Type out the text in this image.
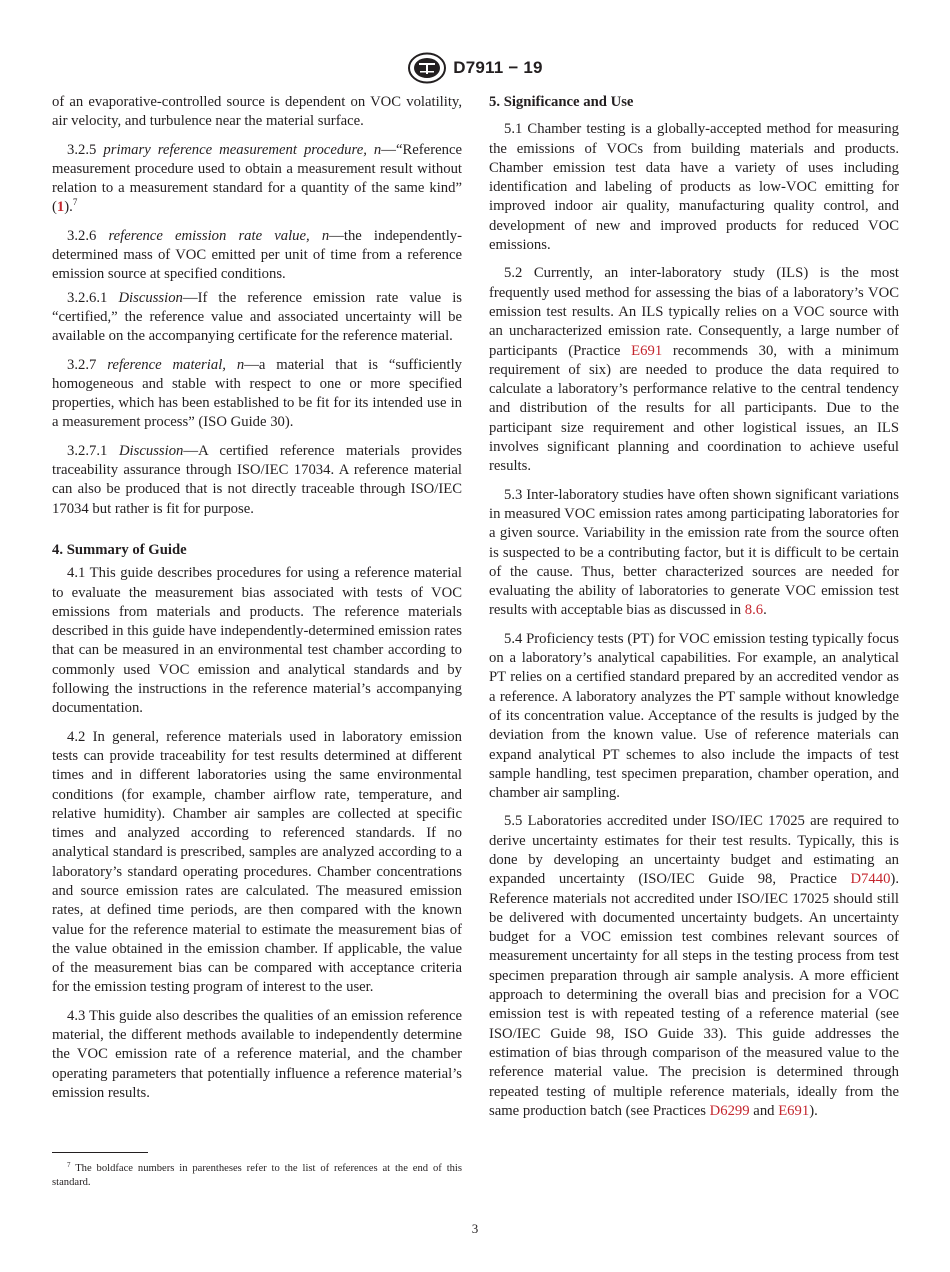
D7911 − 19

of an evaporative-controlled source is dependent on VOC volatility, air velocity, and turbulence near the material surface.

3.2.5 primary reference measurement procedure, n—“Reference measurement procedure used to obtain a measurement result without relation to a measurement standard for a quantity of the same kind” (1).$^7$

3.2.6 reference emission rate value, n—the independently-determined mass of VOC emitted per unit of time from a reference emission source at specified conditions.

3.2.6.1 Discussion—If the reference emission rate value is “certified,” the reference value and associated uncertainty will be available on the accompanying certificate for the reference material.

3.2.7 reference material, n—a material that is “sufficiently homogeneous and stable with respect to one or more specified properties, which has been established to be fit for its intended use in a measurement process” (ISO Guide 30).

3.2.7.1 Discussion—A certified reference materials provides traceability assurance through ISO/IEC 17034. A reference material can also be produced that is not directly traceable through ISO/IEC 17034 but rather is fit for purpose.

4. Summary of Guide

4.1 This guide describes procedures for using a reference material to evaluate the measurement bias associated with tests of VOC emissions from materials and products. The reference materials described in this guide have independently-determined emission rates that can be measured in an environmental test chamber according to commonly used VOC emission and analytical standards and by following the instructions in the reference material’s accompanying documentation.

4.2 In general, reference materials used in laboratory emission tests can provide traceability for test results determined at different times and in different laboratories using the same environmental conditions (for example, chamber airflow rate, temperature, and relative humidity). Chamber air samples are collected at specific times and analyzed according to referenced standards. If no analytical standard is prescribed, samples are analyzed according to a laboratory’s standard operating procedures. Chamber concentrations and source emission rates are calculated. The measured emission rates, at defined time periods, are then compared with the known value for the reference material to estimate the measurement bias of the value obtained in the emission chamber. If applicable, the value of the measurement bias can be compared with acceptance criteria for the emission testing program of interest to the user.

4.3 This guide also describes the qualities of an emission reference material, the different methods available to independently determine the VOC emission rate of a reference material, and the chamber operating parameters that potentially influence a reference material’s emission results.

5. Significance and Use

5.1 Chamber testing is a globally-accepted method for measuring the emissions of VOCs from building materials and products. Chamber emission test data have a variety of uses including identification and labeling of products as low-VOC emitting for improved indoor air quality, manufacturing quality control, and development of new and improved products for reduced VOC emissions.

5.2 Currently, an inter-laboratory study (ILS) is the most frequently used method for assessing the bias of a laboratory’s VOC emission test results. An ILS typically relies on a VOC source with an uncharacterized emission rate. Consequently, a large number of participants (Practice E691 recommends 30, with a minimum requirement of six) are needed to produce the data required to calculate a laboratory’s performance relative to the central tendency and distribution of the results for all participants. Due to the participant size requirement and other logistical issues, an ILS involves significant planning and coordination to achieve useful results.

5.3 Inter-laboratory studies have often shown significant variations in measured VOC emission rates among participating laboratories for a given source. Variability in the emission rate from the source often is suspected to be a contributing factor, but it is difficult to be certain of the cause. Thus, better characterized sources are needed for evaluating the ability of laboratories to generate VOC emission test results with acceptable bias as discussed in 8.6.

5.4 Proficiency tests (PT) for VOC emission testing typically focus on a laboratory’s analytical capabilities. For example, an analytical PT relies on a certified standard prepared by an accredited vendor as a reference. A laboratory analyzes the PT sample without knowledge of its concentration value. Acceptance of the results is judged by the deviation from the known value. Use of reference materials can expand analytical PT schemes to also include the impacts of test sample handling, test specimen preparation, chamber operation, and chamber air sampling.

5.5 Laboratories accredited under ISO/IEC 17025 are required to derive uncertainty estimates for their test results. Typically, this is done by developing an uncertainty budget and estimating an expanded uncertainty (ISO/IEC Guide 98, Practice D7440). Reference materials not accredited under ISO/IEC 17025 should still be delivered with documented uncertainty budgets. An uncertainty budget for a VOC emission test combines relevant sources of measurement uncertainty for all steps in the testing process from test specimen preparation through air sample analysis. A more efficient approach to determining the overall bias and precision for a VOC emission test is with repeated testing of a reference material (see ISO/IEC Guide 98, ISO Guide 33). This guide addresses the estimation of bias through comparison of the measured value to the reference material value. The precision is determined through repeated testing of multiple reference materials, ideally from the same production batch (see Practices D6299 and E691).

$^7$ The boldface numbers in parentheses refer to the list of references at the end of this standard.
3
